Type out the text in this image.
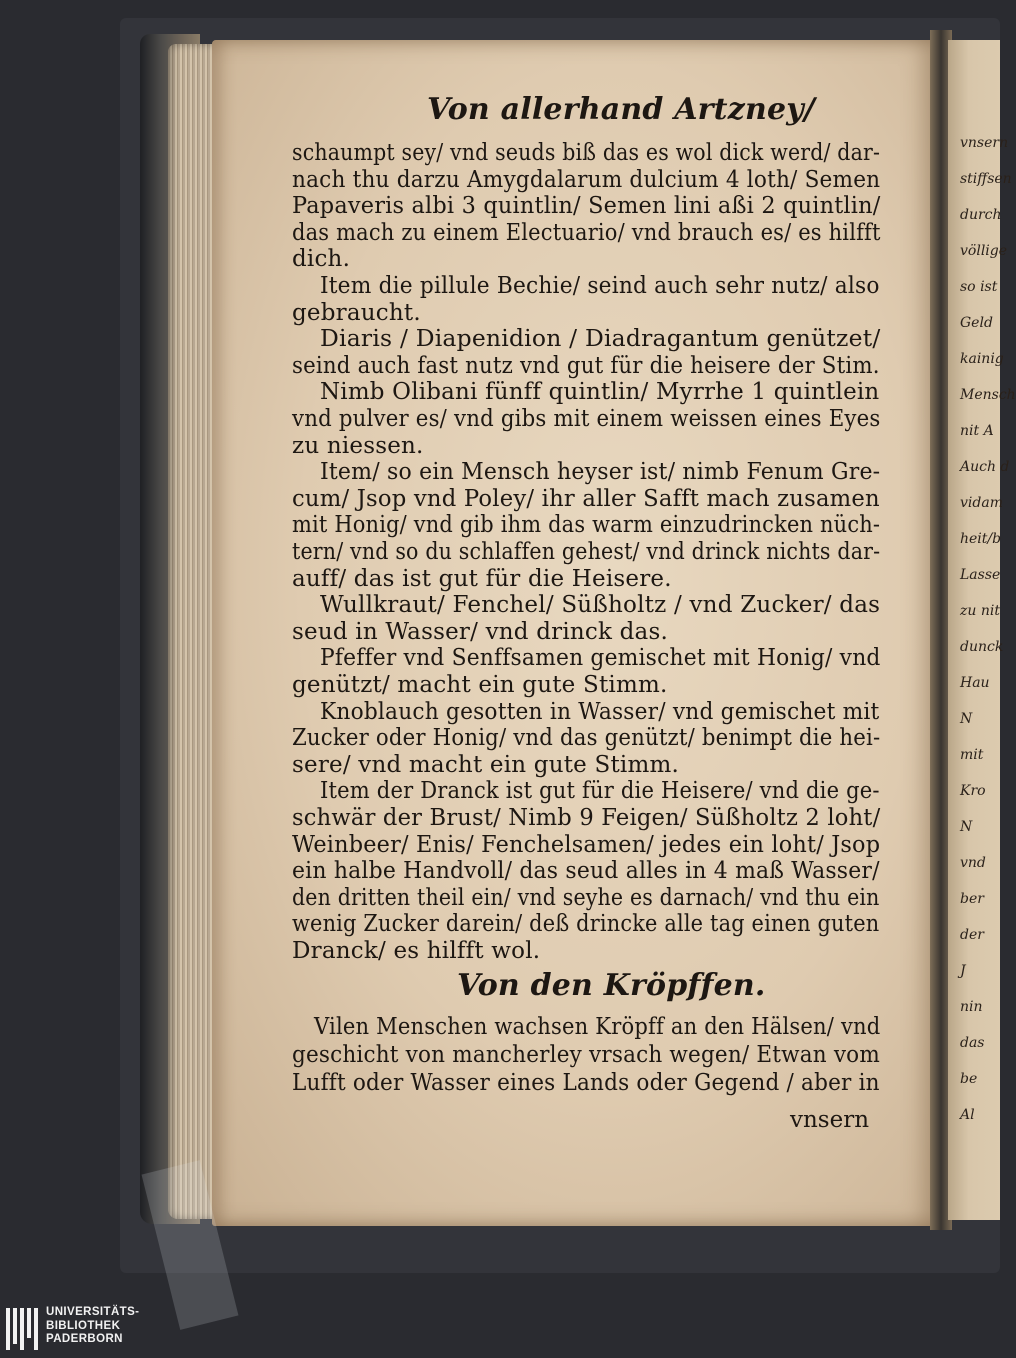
vnsern
stiffsen
durch
völlige
so ist
Geld
kainig
Mensch
nit A
Auch d
vidam
heit/b
Lasse
zu nit
dunck
Hau
N
mit
Kro
N
vnd
ber
der
J
nin
das
be
Al
Von allerhand Artzney/
schaumpt sey/ vnd seuds biß das es wol dick werd/ dar-
nach thu darzu Amygdalarum dulcium 4 loth/ Semen
Papaveris albi 3 quintlin/ Semen lini aßi 2 quintlin/
das mach zu einem Electuario/ vnd brauch es/ es hilfft
dich.
Item die pillule Bechie/ seind auch sehr nutz/ also
gebraucht.
Diaris / Diapenidion / Diadragantum genützet/
seind auch fast nutz vnd gut für die heisere der Stim.
Nimb Olibani fünff quintlin/ Myrrhe 1 quintlein
vnd pulver es/ vnd gibs mit einem weissen eines Eyes
zu niessen.
Item/ so ein Mensch heyser ist/ nimb Fenum Gre-
cum/ Jsop vnd Poley/ ihr aller Safft mach zusamen
mit Honig/ vnd gib ihm das warm einzudrincken nüch-
tern/ vnd so du schlaffen gehest/ vnd drinck nichts dar-
auff/ das ist gut für die Heisere.
Wullkraut/ Fenchel/ Süßholtz / vnd Zucker/ das
seud in Wasser/ vnd drinck das.
Pfeffer vnd Senffsamen gemischet mit Honig/ vnd
genützt/ macht ein gute Stimm.
Knoblauch gesotten in Wasser/ vnd gemischet mit
Zucker oder Honig/ vnd das genützt/ benimpt die hei-
sere/ vnd macht ein gute Stimm.
Item der Dranck ist gut für die Heisere/ vnd die ge-
schwär der Brust/ Nimb 9 Feigen/ Süßholtz 2 loht/
Weinbeer/ Enis/ Fenchelsamen/ jedes ein loht/ Jsop
ein halbe Handvoll/ das seud alles in 4 maß Wasser/
den dritten theil ein/ vnd seyhe es darnach/ vnd thu ein
wenig Zucker darein/ deß drincke alle tag einen guten
Dranck/ es hilfft wol.
Von den Kröpffen.
Vilen Menschen wachsen Kröpff an den Hälsen/ vnd
geschicht von mancherley vrsach wegen/ Etwan vom
Lufft oder Wasser eines Lands oder Gegend / aber in
vnsern
UNIVERSITÄTS-
BIBLIOTHEK
PADERBORN
